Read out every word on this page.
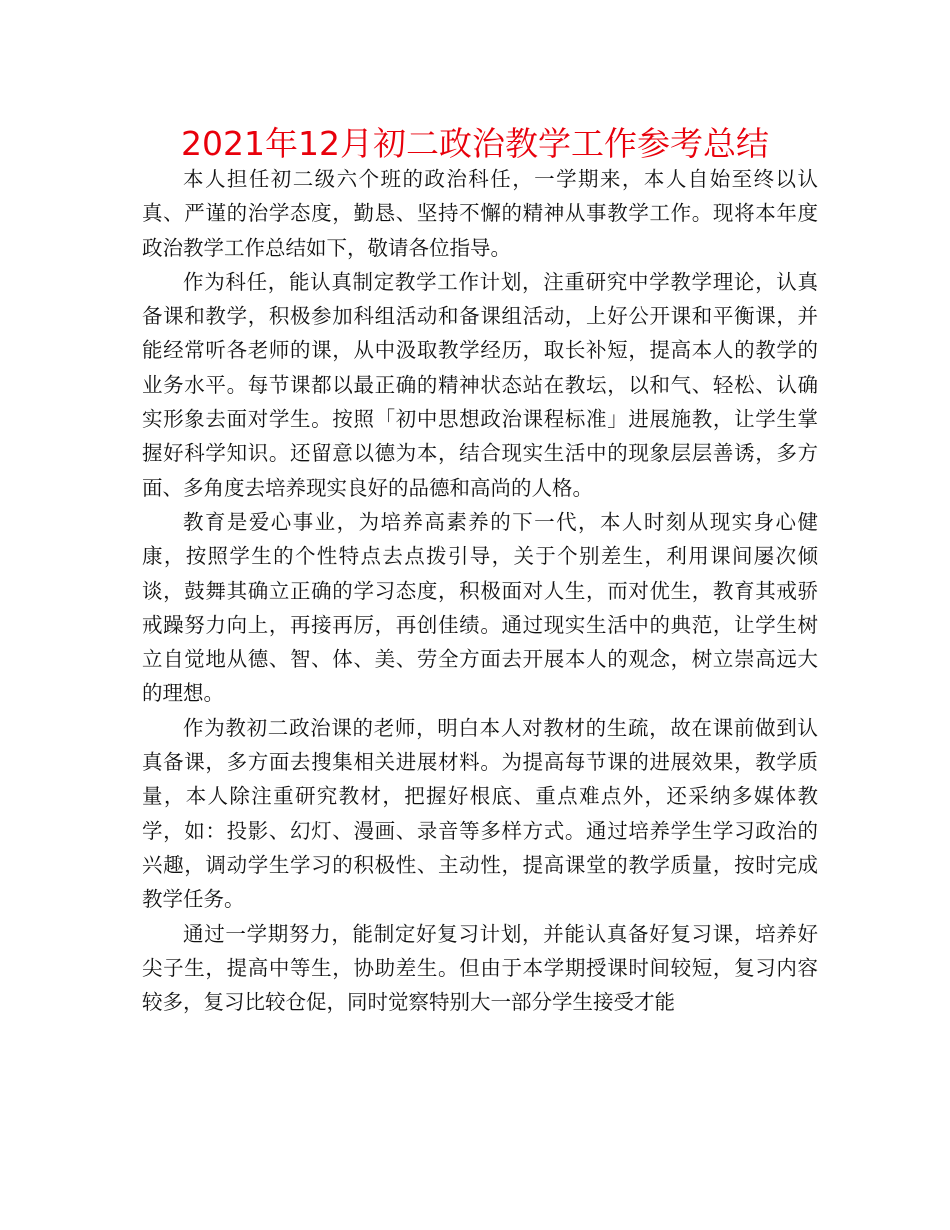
2021年12月初二政治教学工作参考总结

本人担任初二级六个班的政治科任，一学期来，本人自始至终以认真、严谨的治学态度，勤恳、坚持不懈的精神从事教学工作。现将本年度政治教学工作总结如下，敬请各位指导。

作为科任，能认真制定教学工作计划，注重研究中学教学理论，认真备课和教学，积极参加科组活动和备课组活动，上好公开课和平衡课，并能经常听各老师的课，从中汲取教学经历，取长补短，提高本人的教学的业务水平。每节课都以最正确的精神状态站在教坛，以和气、轻松、认确实形象去面对学生。按照「初中思想政治课程标准」进展施教，让学生掌握好科学知识。还留意以德为本，结合现实生活中的现象层层善诱，多方面、多角度去培养现实良好的品德和高尚的人格。

教育是爱心事业，为培养高素养的下一代，本人时刻从现实身心健康，按照学生的个性特点去点拨引导，关于个别差生，利用课间屡次倾谈，鼓舞其确立正确的学习态度，积极面对人生，而对优生，教育其戒骄戒躁努力向上，再接再厉，再创佳绩。通过现实生活中的典范，让学生树立自觉地从德、智、体、美、劳全方面去开展本人的观念，树立崇高远大的理想。

作为教初二政治课的老师，明白本人对教材的生疏，故在课前做到认真备课，多方面去搜集相关进展材料。为提高每节课的进展效果，教学质量，本人除注重研究教材，把握好根底、重点难点外，还采纳多媒体教学，如：投影、幻灯、漫画、录音等多样方式。通过培养学生学习政治的兴趣，调动学生学习的积极性、主动性，提高课堂的教学质量，按时完成教学任务。

通过一学期努力，能制定好复习计划，并能认真备好复习课，培养好尖子生，提高中等生，协助差生。但由于本学期授课时间较短，复习内容较多，复习比较仓促，同时觉察特别大一部分学生接受才能
